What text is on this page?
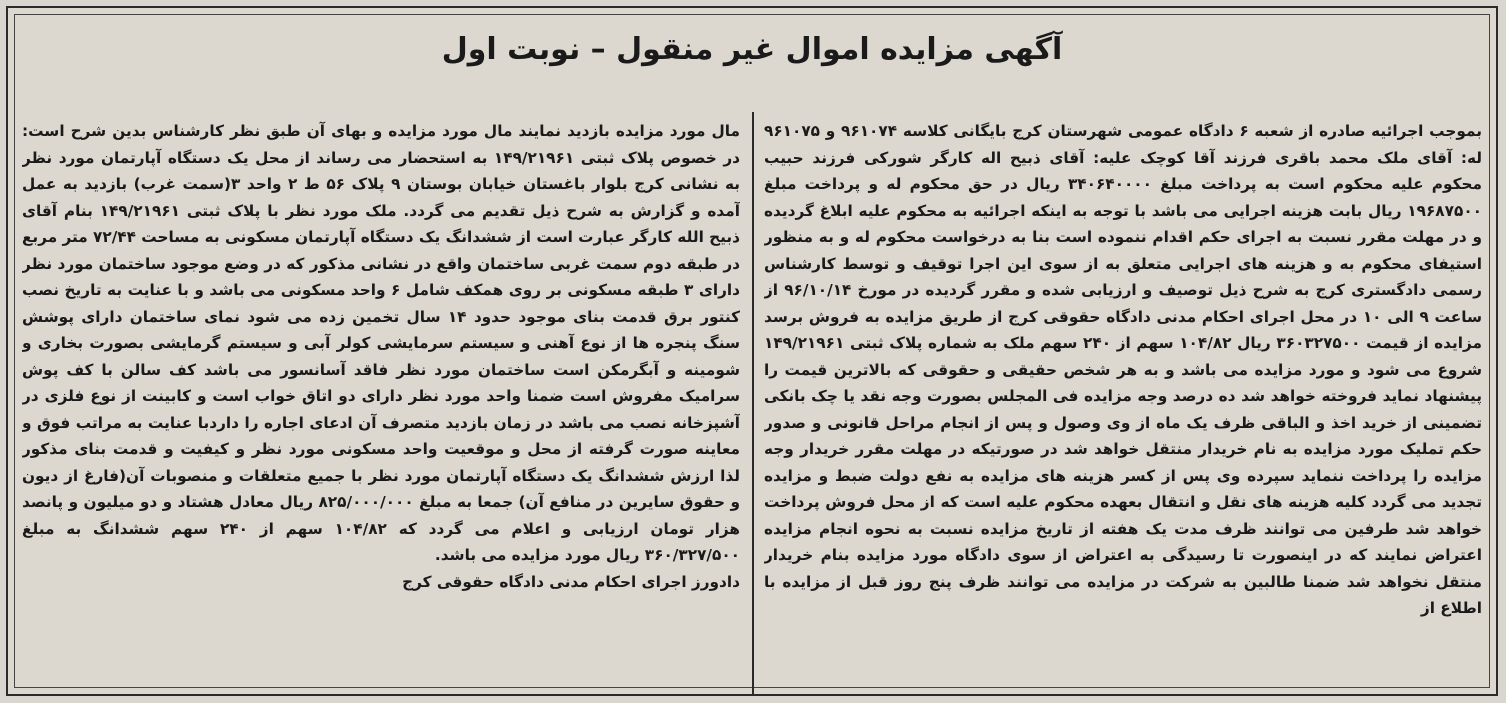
آگهی مزایده اموال غیر منقول – نوبت اول

بموجب اجرائیه صادره از شعبه ۶ دادگاه عمومی شهرستان کرج بایگانی کلاسه ۹۶۱۰۷۴ و ۹۶۱۰۷۵ له: آقای ملک محمد باقری فرزند آقا کوچک علیه: آقای ذبیح اله کارگر شورکی فرزند حبیب محکوم علیه محکوم است به پرداخت مبلغ ۳۴۰۶۴۰۰۰۰ ریال در حق محکوم له و پرداخت مبلغ ۱۹۶۸۷۵۰۰ ریال بابت هزینه اجرایی می باشد با توجه به اینکه اجرائیه به محکوم علیه ابلاغ گردیده و در مهلت مقرر نسبت به اجرای حکم اقدام ننموده است بنا به درخواست محکوم له و به منظور استیفای محکوم به و هزینه های اجرایی متعلق به از سوی این اجرا توقیف و توسط کارشناس رسمی دادگستری کرج به شرح ذیل توصیف و ارزیابی شده و مقرر گردیده در مورخ ۹۶/۱۰/۱۴ از ساعت ۹ الی ۱۰ در محل اجرای احکام مدنی دادگاه حقوقی کرج از طریق مزایده به فروش برسد مزایده از قیمت ۳۶۰۳۲۷۵۰۰ ریال ۱۰۴/۸۲ سهم از ۲۴۰ سهم ملک به شماره پلاک ثبتی ۱۴۹/۲۱۹۶۱ شروع می شود و مورد مزایده می باشد و به هر شخص حقیقی و حقوقی که بالاترین قیمت را پیشنهاد نماید فروخته خواهد شد ده درصد وجه مزایده فی المجلس بصورت وجه نقد یا چک بانکی تضمینی از خرید اخذ و الباقی ظرف یک ماه از وی وصول و پس از انجام مراحل قانونی و صدور حکم تملیک مورد مزایده به نام خریدار منتقل خواهد شد در صورتیکه در مهلت مقرر خریدار وجه مزایده را پرداخت ننماید سپرده وی پس از کسر هزینه های مزایده به نفع دولت ضبط و مزایده تجدید می گردد کلیه هزینه های نقل و انتقال بعهده محکوم علیه است که از محل فروش پرداخت خواهد شد طرفین می توانند ظرف مدت یک هفته از تاریخ مزایده نسبت به نحوه انجام مزایده اعتراض نمایند که در اینصورت تا رسیدگی به اعتراض از سوی دادگاه مورد مزایده بنام خریدار منتقل نخواهد شد ضمنا طالبین به شرکت در مزایده می توانند ظرف پنج روز قبل از مزایده با اطلاع از

مال مورد مزایده بازدید نمایند مال مورد مزایده و بهای آن طبق نظر کارشناس بدین شرح است: در خصوص پلاک ثبتی ۱۴۹/۲۱۹۶۱ به استحضار می رساند از محل یک دستگاه آپارتمان مورد نظر به نشانی کرج بلوار باغستان خیابان بوستان ۹ پلاک ۵۶ ط ۲ واحد ۳(سمت غرب) بازدید به عمل آمده و گزارش به شرح ذیل تقدیم می گردد. ملک مورد نظر با پلاک ثبتی ۱۴۹/۲۱۹۶۱ بنام آقای ذبیح الله کارگر عبارت است از ششدانگ یک دستگاه آپارتمان مسکونی به مساحت ۷۲/۴۴ متر مربع در طبقه دوم سمت غربی ساختمان واقع در نشانی مذکور که در وضع موجود ساختمان مورد نظر دارای ۳ طبقه مسکونی بر روی همکف شامل ۶ واحد مسکونی می باشد و با عنایت به تاریخ نصب کنتور برق قدمت بنای موجود حدود ۱۴ سال تخمین زده می شود نمای ساختمان دارای پوشش سنگ پنجره ها از نوع آهنی و سیستم سرمایشی کولر آبی و سیستم گرمایشی بصورت بخاری و شومینه و آبگرمکن است ساختمان مورد نظر فاقد آسانسور می باشد کف سالن با کف پوش سرامیک مفروش است ضمنا واحد مورد نظر دارای دو اتاق خواب است و کابینت از نوع فلزی در آشپزخانه نصب می باشد در زمان بازدید متصرف آن ادعای اجاره را داردبا عنایت به مراتب فوق و معاینه صورت گرفته از محل و موقعیت واحد مسکونی مورد نظر و کیفیت و قدمت بنای مذکور لذا ارزش ششدانگ یک دستگاه آپارتمان مورد نظر با جمیع متعلقات و منصوبات آن(فارغ از دیون و حقوق سایرین در منافع آن) جمعا به مبلغ ۸۲۵/۰۰۰/۰۰۰ ریال معادل هشتاد و دو میلیون و پانصد هزار تومان ارزیابی و اعلام می گردد که ۱۰۴/۸۲ سهم از ۲۴۰ سهم ششدانگ به مبلغ ۳۶۰/۳۲۷/۵۰۰ ریال مورد مزایده می باشد.

دادورز اجرای احکام مدنی دادگاه حقوقی کرج
